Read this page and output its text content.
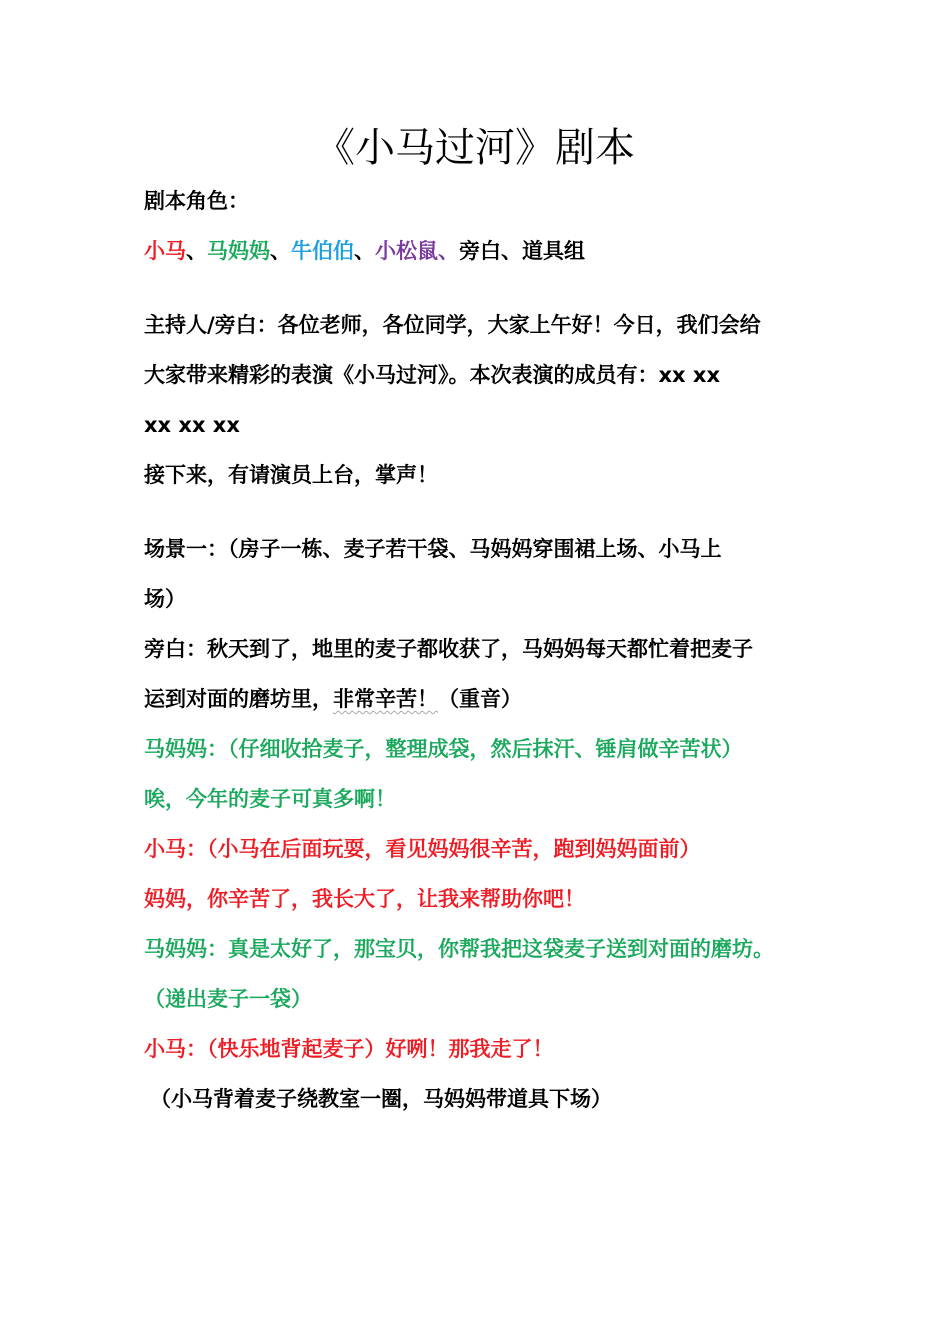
《小马过河》剧本
剧本角色：
小马、马妈妈、牛伯伯、小松鼠、旁白、道具组
主持人/旁白：各位老师，各位同学，大家上午好！今日，我们会给
大家带来精彩的表演《小马过河》。本次表演的成员有：xx xx
xx xx xx
接下来，有请演员上台，掌声！
场景一：（房子一栋、麦子若干袋、马妈妈穿围裙上场、小马上
场）
旁白：秋天到了，地里的麦子都收获了，马妈妈每天都忙着把麦子
运到对面的磨坊里，非常辛苦！（重音）
马妈妈：（仔细收拾麦子，整理成袋，然后抹汗、锤肩做辛苦状）
唉，今年的麦子可真多啊！
小马：（小马在后面玩耍，看见妈妈很辛苦，跑到妈妈面前）
妈妈，你辛苦了，我长大了，让我来帮助你吧！
马妈妈：真是太好了，那宝贝，你帮我把这袋麦子送到对面的磨坊。
（递出麦子一袋）
小马：（快乐地背起麦子）好咧！那我走了！
（小马背着麦子绕教室一圈，马妈妈带道具下场）
